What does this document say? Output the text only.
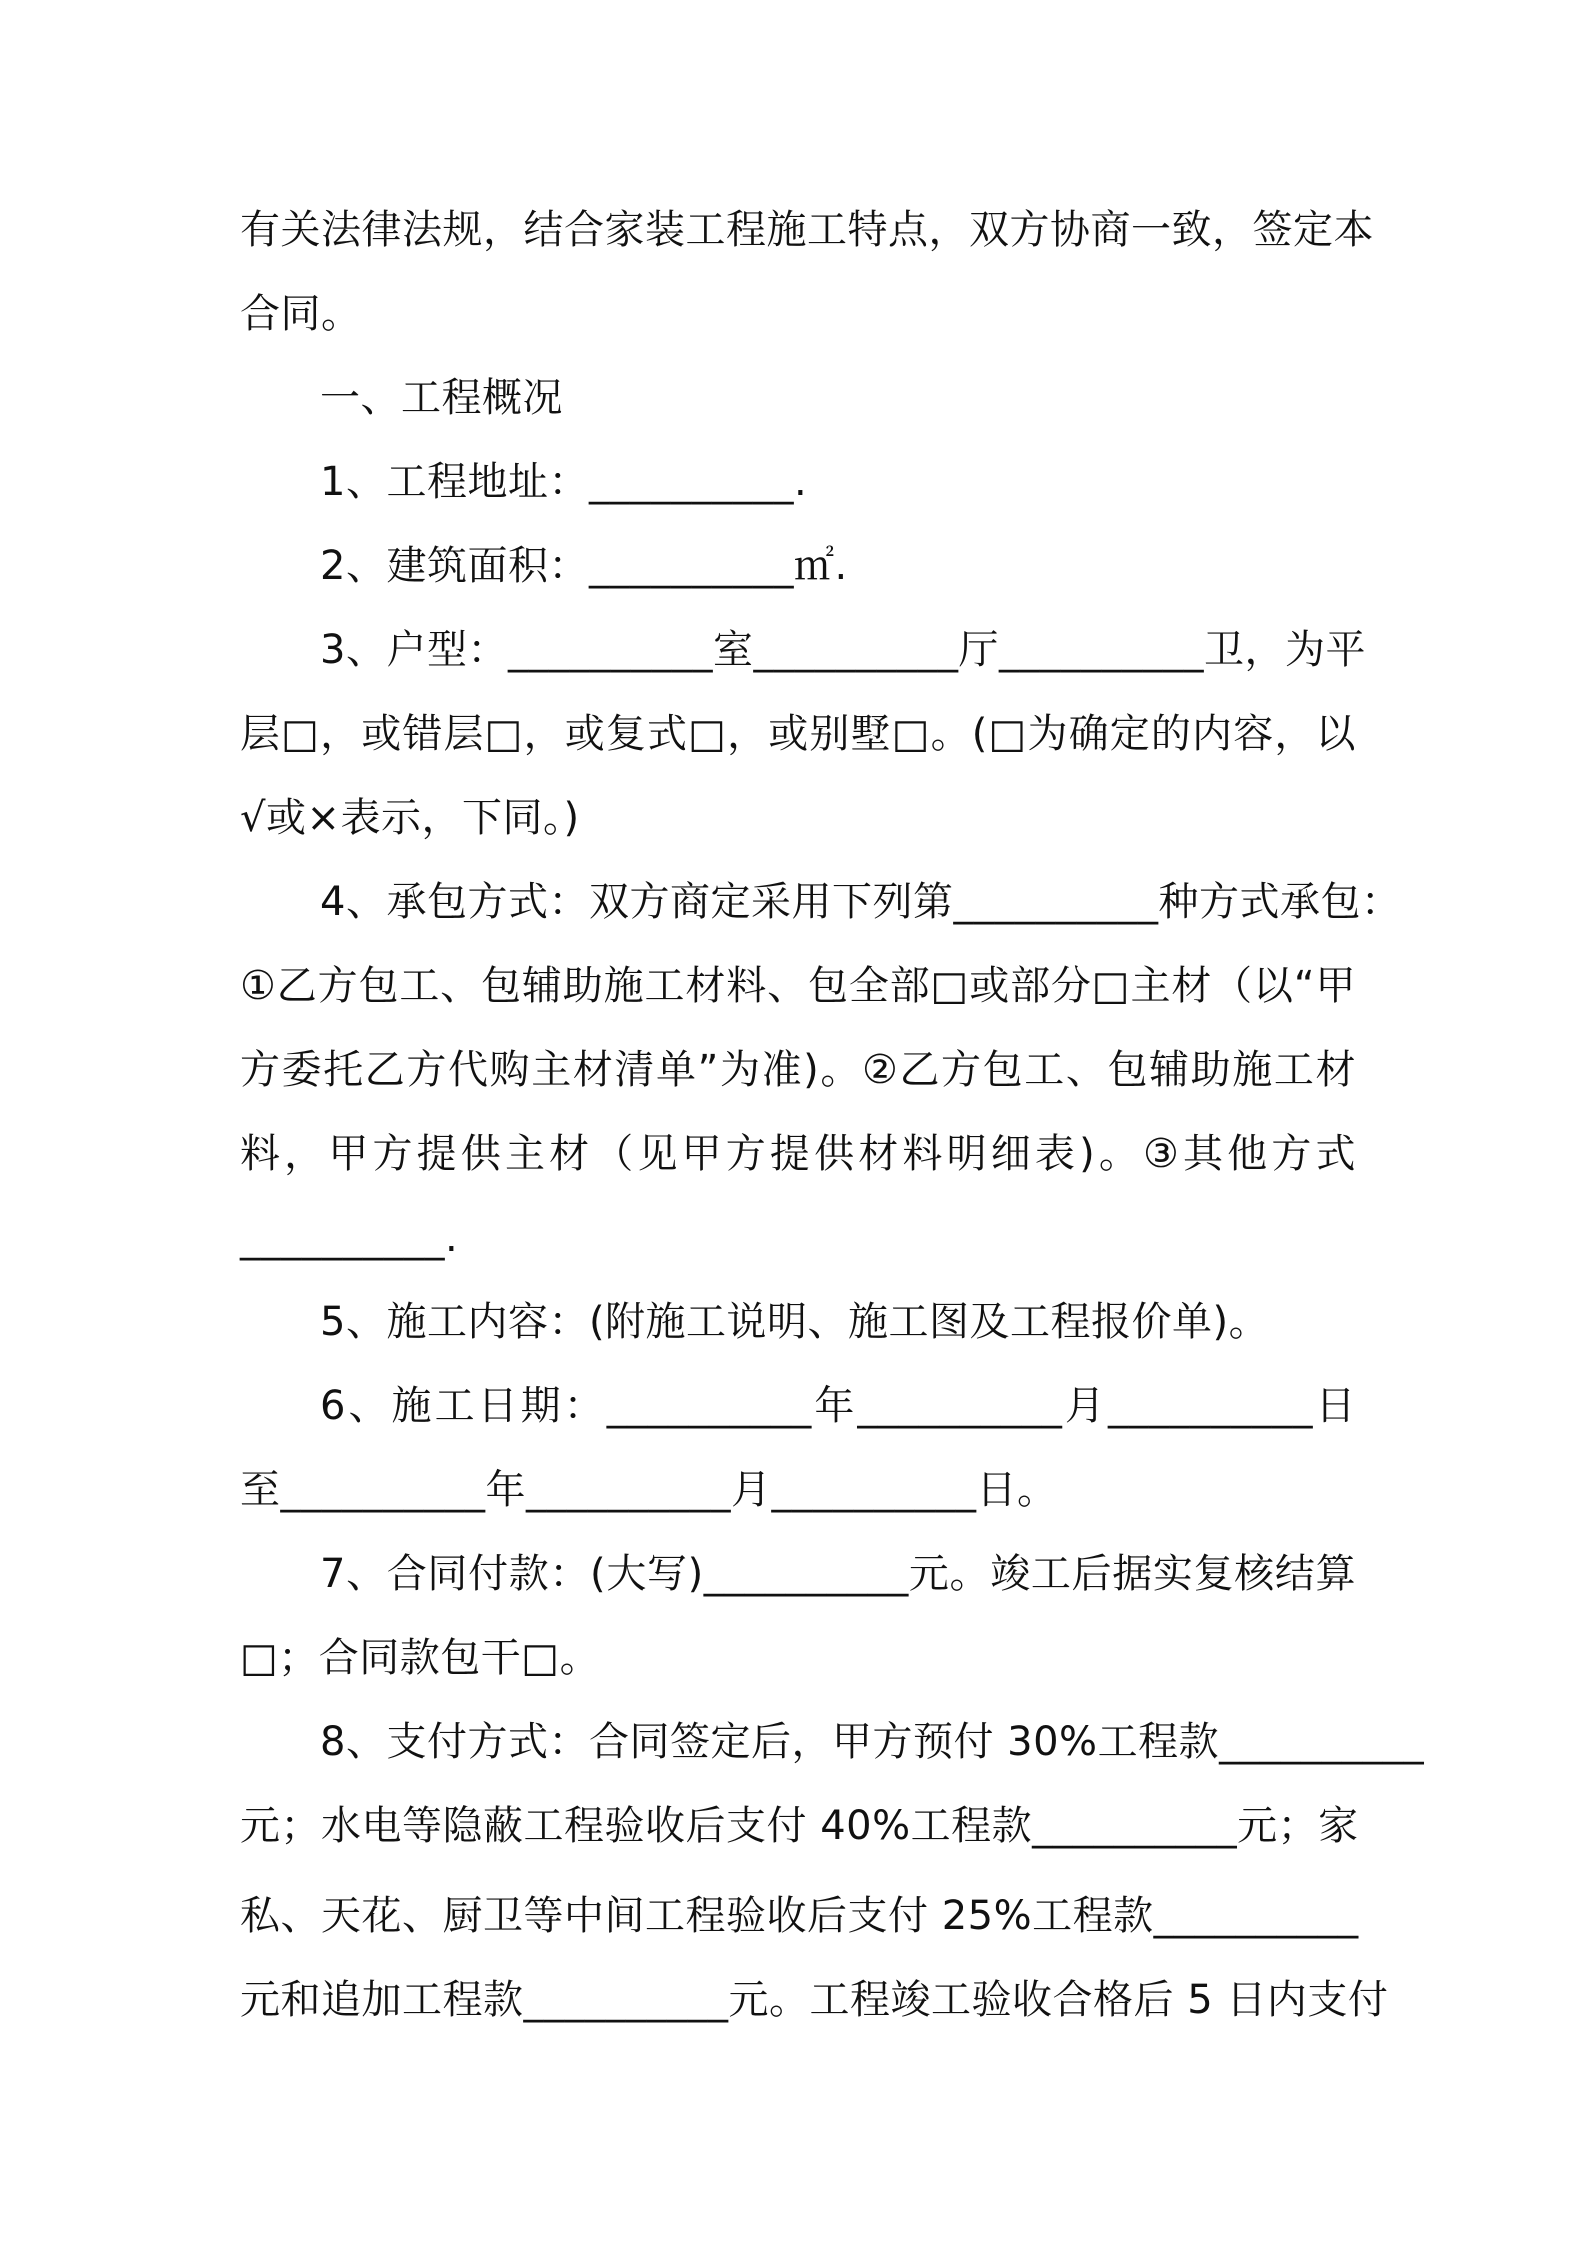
有关法律法规，结合家装工程施工特点，双方协商一致，签定本
合同。
一、工程概况
1、工程地址：__________.
2、建筑面积：__________㎡.
3、户型：__________室__________厅__________卫，为平
层□，或错层□，或复式□，或别墅□。(□为确定的内容，以
√或×表示，下同。)
4、承包方式：双方商定采用下列第__________种方式承包：
①乙方包工、包辅助施工材料、包全部□或部分□主材（以“甲
方委托乙方代购主材清单”为准)。②乙方包工、包辅助施工材
料，甲方提供主材（见甲方提供材料明细表)。③其他方式
__________.
5、施工内容：(附施工说明、施工图及工程报价单)。
6、施工日期：__________年__________月__________日
至__________年__________月__________日。
7、合同付款：(大写)__________元。竣工后据实复核结算
□；合同款包干□。
8、支付方式：合同签定后，甲方预付 30%工程款__________
元；水电等隐蔽工程验收后支付 40%工程款__________元；家
私、天花、厨卫等中间工程验收后支付 25%工程款__________
元和追加工程款__________元。工程竣工验收合格后 5 日内支付
